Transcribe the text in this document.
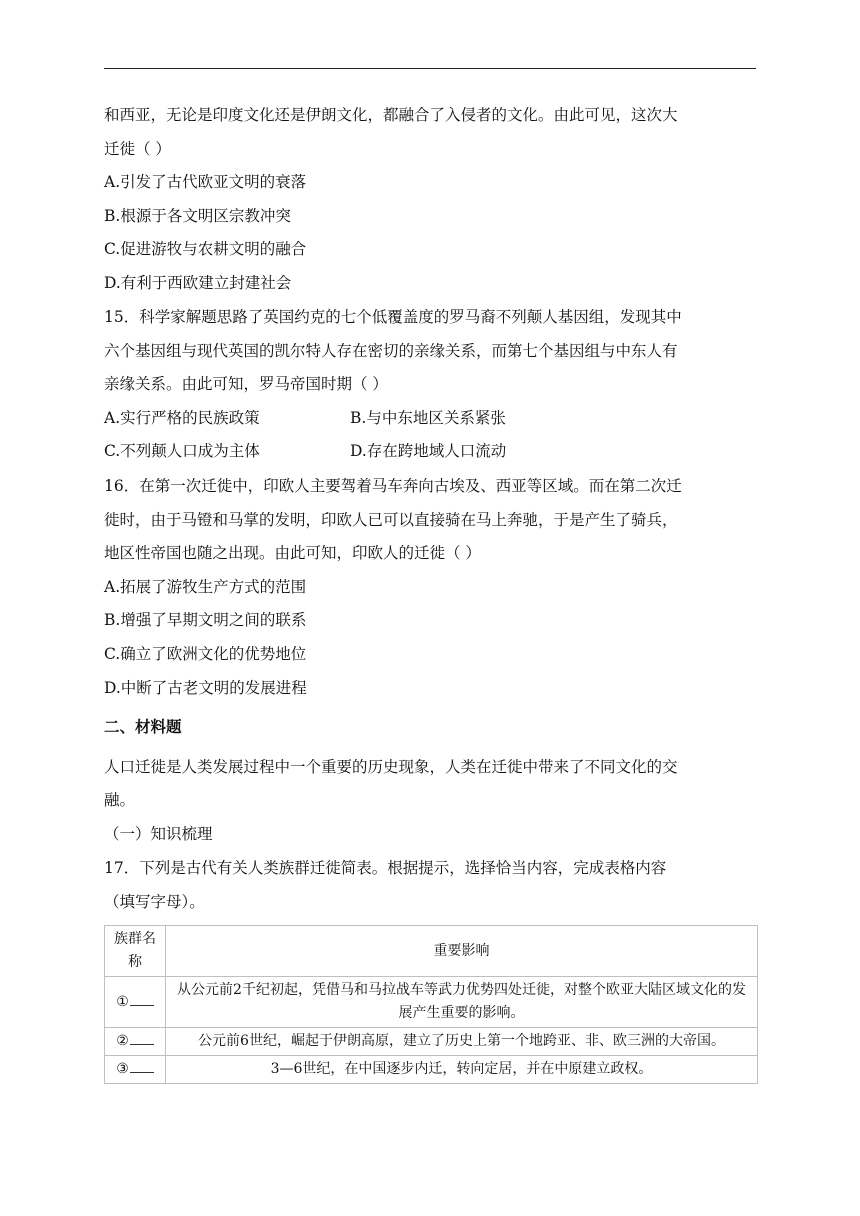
和西亚，无论是印度文化还是伊朗文化，都融合了入侵者的文化。由此可见，这次大
迁徙（ ）
A.引发了古代欧亚文明的衰落
B.根源于各文明区宗教冲突
C.促进游牧与农耕文明的融合
D.有利于西欧建立封建社会
15．科学家解题思路了英国约克的七个低覆盖度的罗马裔不列颠人基因组，发现其中
六个基因组与现代英国的凯尔特人存在密切的亲缘关系，而第七个基因组与中东人有
亲缘关系。由此可知，罗马帝国时期（ ）
A.实行严格的民族政策	B.与中东地区关系紧张
C.不列颠人口成为主体	D.存在跨地域人口流动
16．在第一次迁徙中，印欧人主要驾着马车奔向古埃及、西亚等区域。而在第二次迁
徙时，由于马镫和马掌的发明，印欧人已可以直接骑在马上奔驰，于是产生了骑兵，
地区性帝国也随之出现。由此可知，印欧人的迁徙（ ）
A.拓展了游牧生产方式的范围
B.增强了早期文明之间的联系
C.确立了欧洲文化的优势地位
D.中断了古老文明的发展进程
二、材料题
人口迁徙是人类发展过程中一个重要的历史现象，人类在迁徙中带来了不同文化的交
融。
（一）知识梳理
17．下列是古代有关人类族群迁徙简表。根据提示，选择恰当内容，完成表格内容
（填写字母）。
族群名称	重要影响
①	从公元前2千纪初起，凭借马和马拉战车等武力优势四处迁徙，对整个欧亚大陆区域文化的发展产生重要的影响。
②	公元前6世纪，崛起于伊朗高原，建立了历史上第一个地跨亚、非、欧三洲的大帝国。
③	3—6世纪，在中国逐步内迁，转向定居，并在中原建立政权。
